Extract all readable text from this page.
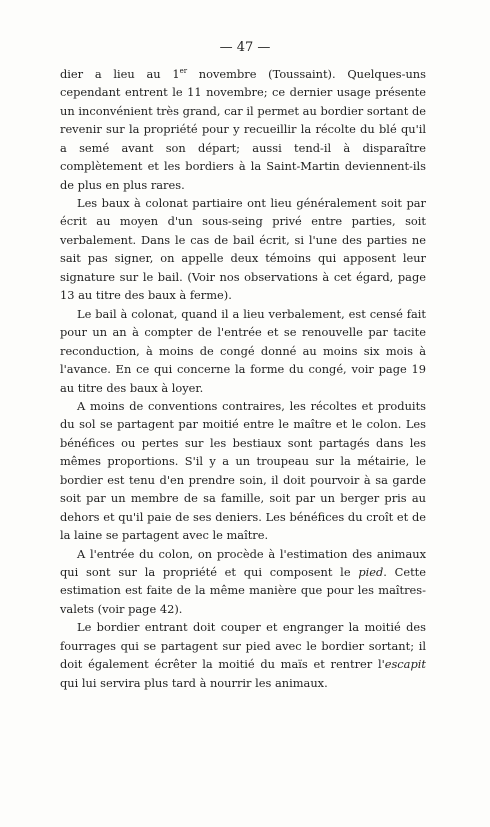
— 47 —

dier a lieu au 1er novembre (Toussaint). Quelques-uns cependant entrent le 11 novembre; ce dernier usage présente un inconvénient très grand, car il permet au bordier sortant de revenir sur la propriété pour y recueillir la récolte du blé qu'il a semé avant son départ; aussi tend-il à disparaître complètement et les bordiers à la Saint-Martin deviennent-ils de plus en plus rares.

Les baux à colonat partiaire ont lieu généralement soit par écrit au moyen d'un sous-seing privé entre parties, soit verbalement. Dans le cas de bail écrit, si l'une des parties ne sait pas signer, on appelle deux témoins qui apposent leur signature sur le bail. (Voir nos observations à cet égard, page 13 au titre des baux à ferme).

Le bail à colonat, quand il a lieu verbalement, est censé fait pour un an à compter de l'entrée et se renouvelle par tacite reconduction, à moins de congé donné au moins six mois à l'avance. En ce qui concerne la forme du congé, voir page 19 au titre des baux à loyer.

A moins de conventions contraires, les récoltes et produits du sol se partagent par moitié entre le maître et le colon. Les bénéfices ou pertes sur les bestiaux sont partagés dans les mêmes proportions. S'il y a un troupeau sur la métairie, le bordier est tenu d'en prendre soin, il doit pourvoir à sa garde soit par un membre de sa famille, soit par un berger pris au dehors et qu'il paie de ses deniers. Les bénéfices du croît et de la laine se partagent avec le maître.

A l'entrée du colon, on procède à l'estimation des animaux qui sont sur la propriété et qui composent le pied. Cette estimation est faite de la même manière que pour les maîtres-valets (voir page 42).

Le bordier entrant doit couper et engranger la moitié des fourrages qui se partagent sur pied avec le bordier sortant; il doit également écrêter la moitié du maïs et rentrer l'escapit qui lui servira plus tard à nourrir les animaux.
